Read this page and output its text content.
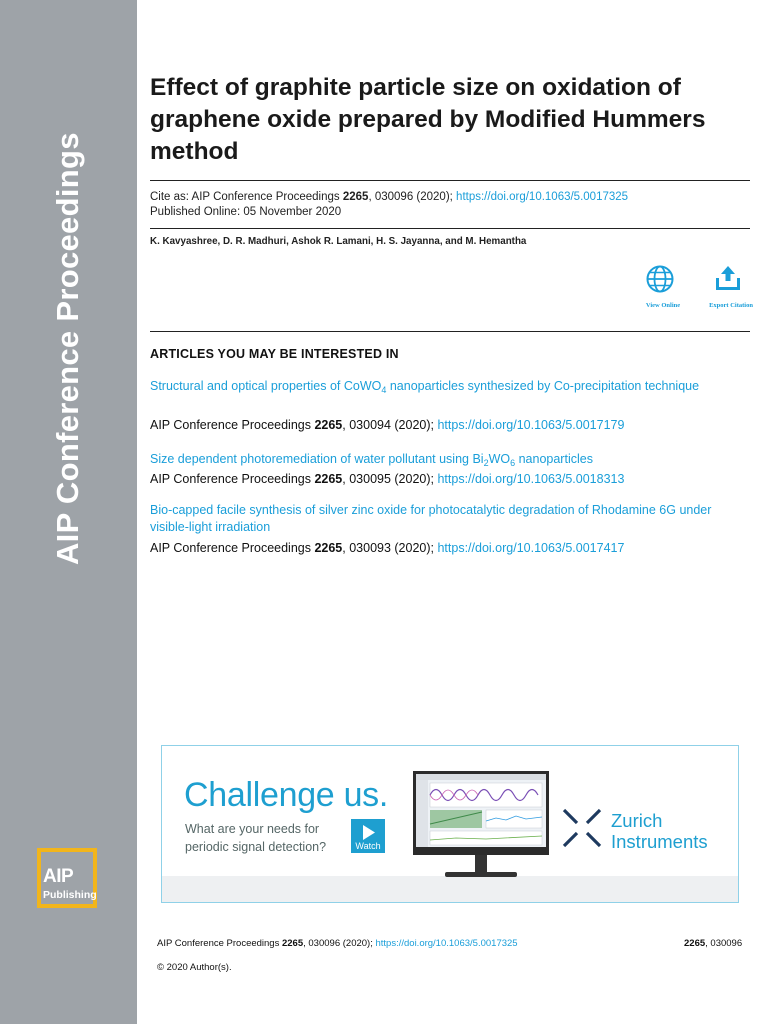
AIP Conference Proceedings
AIP
Publishing
Effect of graphite particle size on oxidation of graphene oxide prepared by Modified Hummers method
Cite as: AIP Conference Proceedings 2265, 030096 (2020); https://doi.org/10.1063/5.0017325
Published Online: 05 November 2020
K. Kavyashree, D. R. Madhuri, Ashok R. Lamani, H. S. Jayanna, and M. Hemantha
View Online	Export Citation
ARTICLES YOU MAY BE INTERESTED IN
Structural and optical properties of CoWO$_4$ nanoparticles synthesized by Co-precipitation technique
AIP Conference Proceedings 2265, 030094 (2020); https://doi.org/10.1063/5.0017179
Size dependent photoremediation of water pollutant using $Bi_2WO_6$ nanoparticles
AIP Conference Proceedings 2265, 030095 (2020); https://doi.org/10.1063/5.0018313
Bio-capped facile synthesis of silver zinc oxide for photocatalytic degradation of Rhodamine 6G under visible-light irradiation
AIP Conference Proceedings 2265, 030093 (2020); https://doi.org/10.1063/5.0017417
Challenge us.
What are your needs for periodic signal detection?	Watch
Zurich
Instruments
AIP Conference Proceedings 2265, 030096 (2020); https://doi.org/10.1063/5.0017325	2265, 030096
© 2020 Author(s).
